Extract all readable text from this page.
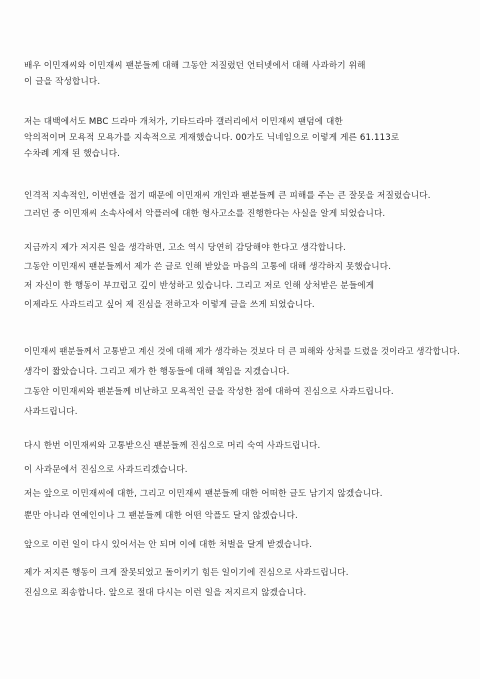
배우 이민재씨와 이민재씨 팬분들께 대해 그동안 저질렀던 언터넷에서 대해 사과하기 위해
이 글을 작성합니다.
저는 대백에서도 MBC 드라마 개처가, 기타드라마 갤러리에서 이민재씨 팬덤에 대한
악의적이며 모욕적 모욕가를 지속적으로 게재했습니다. 00가도 닉네임으로 이렇게 게른 61.113로
수차례 게재 된 했습니다.
인격적 지속적인, 이번엔을 접기 때문에 이민재씨 개인과 팬분들께 큰 피해를 주는 큰 잘못을 저질렀습니다.
그러던 중 이민재씨 소속사에서 악플러에 대한 형사고소를 진행한다는 사실을 알게 되었습니다.
지금까지 제가 저지른 일을 생각하면, 고소 역시 당연히 감당해야 한다고 생각합니다.
그동안 이민재씨 팬분들께서 제가 쓴 글로 인해 받았을 마음의 고통에 대해 생각하지 못했습니다.
저 자신이 한 행동이 부끄럽고 깊이 반성하고 있습니다. 그리고 저로 인해 상처받은 분들에게
이제라도 사과드리고 싶어 제 진심을 전하고자 이렇게 글을 쓰게 되었습니다.
이민재씨 팬분들께서 고통받고 계신 것에 대해 제가 생각하는 것보다 더 큰 피해와 상처를 드렸을 것이라고 생각합니다.
생각이 짧았습니다. 그리고 제가 한 행동들에 대해 책임을 지겠습니다.
그동안 이민재씨와 팬분들께 비난하고 모욕적인 글을 작성한 점에 대하여 진심으로 사과드립니다.
사과드립니다.
다시 한번 이민재씨와 고통받으신 팬분들께 진심으로 머리 숙여 사과드립니다.
이 사과문에서 진심으로 사과드리겠습니다.
저는 앞으로 이민재씨에 대한, 그리고 이민재씨 팬분들께 대한 어떠한 글도 남기지 않겠습니다.
뿐만 아니라 연예인이나 그 팬분들께 대한 어떤 악플도 달지 않겠습니다.
앞으로 이런 일이 다시 있어서는 안 되며 이에 대한 처벌을 달게 받겠습니다.
제가 저지른 행동이 크게 잘못되었고 돌이키기 힘든 일이기에 진심으로 사과드립니다.
진심으로 죄송합니다. 앞으로 절대 다시는 이런 일을 저지르지 않겠습니다.
